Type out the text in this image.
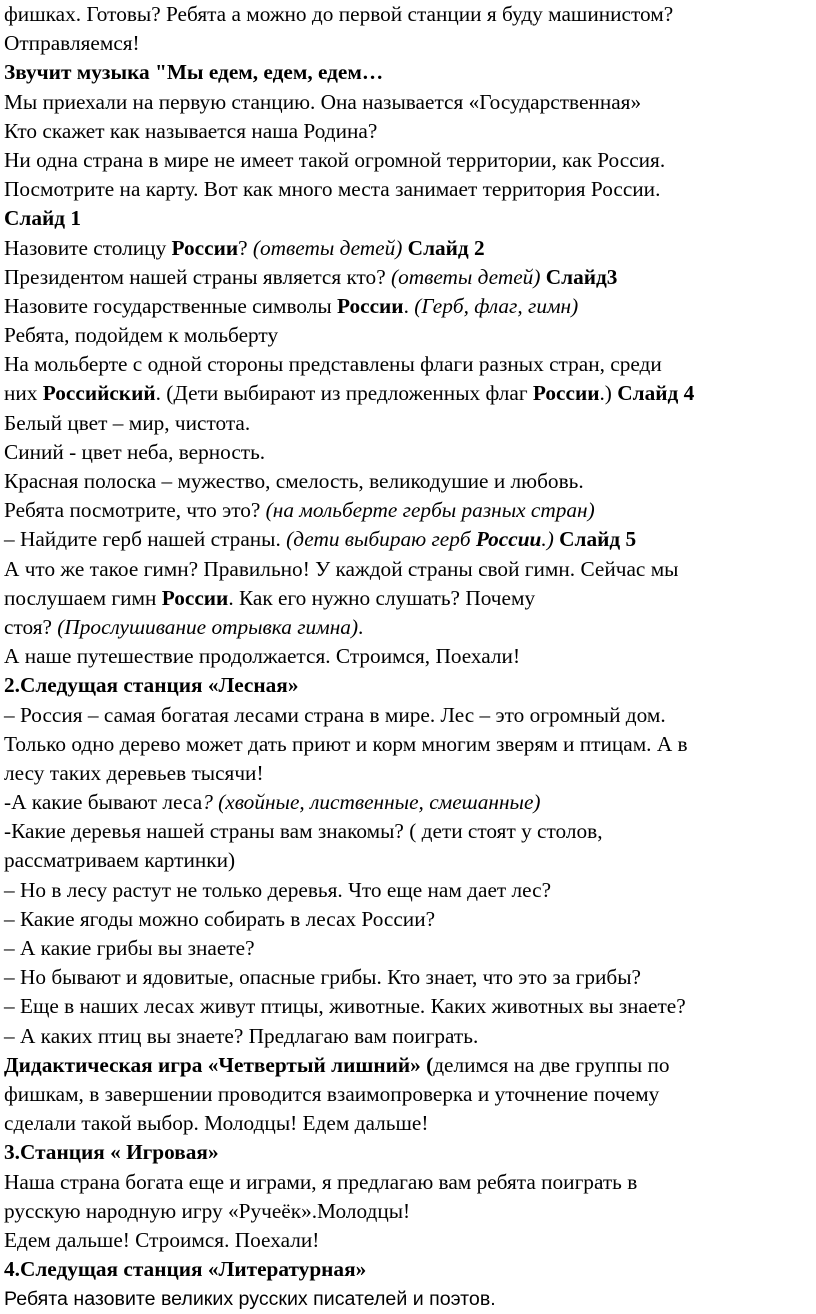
фишках. Готовы? Ребята а можно до первой станции я буду машинистом?
Отправляемся!
Звучит музыка "Мы едем, едем, едем…
Мы приехали на первую станцию. Она называется «Государственная»
Кто скажет как называется наша Родина?
Ни одна страна в мире не имеет такой огромной территории, как Россия.
Посмотрите на карту. Вот как много места занимает территория России.
Слайд 1
Назовите столицу России? (ответы детей) Слайд 2
Президентом нашей страны является кто? (ответы детей) Слайд3
Назовите государственные символы России. (Герб, флаг, гимн)
Ребята, подойдем к мольберту
На мольберте с одной стороны представлены флаги разных стран, среди
них Российский. (Дети выбирают из предложенных флаг России.) Слайд 4
Белый цвет – мир, чистота.
Синий - цвет неба, верность.
Красная полоска – мужество, смелость, великодушие и любовь.
Ребята посмотрите, что это? (на мольберте гербы разных стран)
– Найдите герб нашей страны. (дети выбираю герб России.) Слайд 5
А что же такое гимн? Правильно! У каждой страны свой гимн. Сейчас мы
послушаем гимн России. Как его нужно слушать? Почему
стоя? (Прослушивание отрывка гимна).
А наше путешествие продолжается. Строимся, Поехали!
2.Следущая станция «Лесная»
– Россия – самая богатая лесами страна в мире. Лес – это огромный дом.
Только одно дерево может дать приют и корм многим зверям и птицам. А в
лесу таких деревьев тысячи!
-А какие бывают леса? (хвойные, лиственные, смешанные)
-Какие деревья нашей страны вам знакомы? ( дети стоят у столов,
рассматриваем картинки)
– Но в лесу растут не только деревья. Что еще нам дает лес?
– Какие ягоды можно собирать в лесах России?
– А какие грибы вы знаете?
– Но бывают и ядовитые, опасные грибы. Кто знает, что это за грибы?
– Еще в наших лесах живут птицы, животные. Каких животных вы знаете?
– А каких птиц вы знаете? Предлагаю вам поиграть.
Дидактическая игра «Четвертый лишний» (делимся на две группы по
фишкам, в завершении проводится взаимопроверка и уточнение почему
сделали такой выбор. Молодцы! Едем дальше!
3.Станция « Игровая»
Наша страна богата еще и играми, я предлагаю вам ребята поиграть в
русскую народную игру «Ручеёк».Молодцы!
Едем дальше! Строимся. Поехали!
4.Следущая станция «Литературная»
Ребята назовите великих русских писателей и поэтов.
